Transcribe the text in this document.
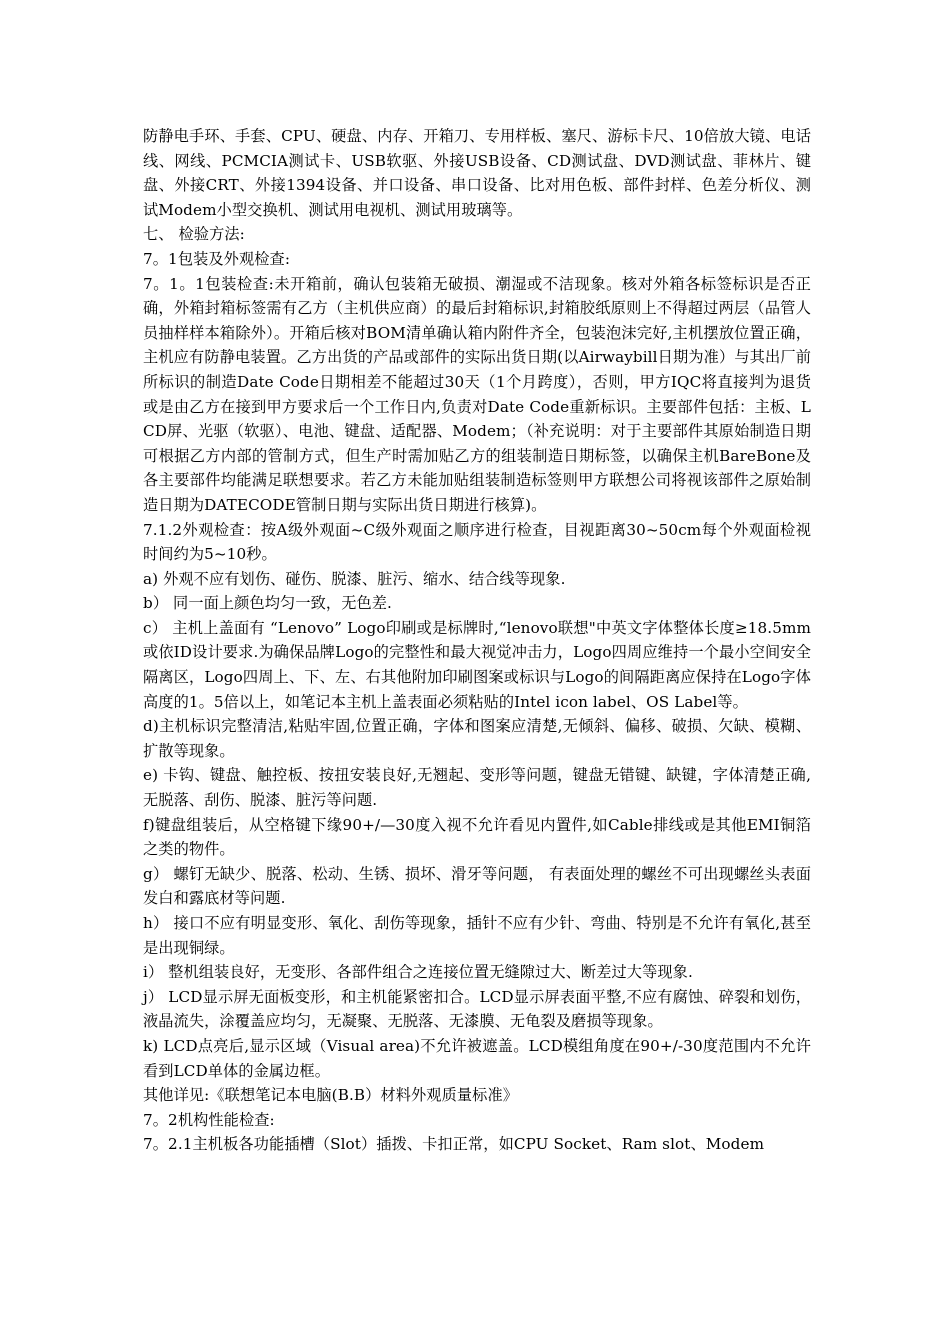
防静电手环、手套、CPU、硬盘、内存、开箱刀、专用样板、塞尺、游标卡尺、10倍放大镜、电话线、网线、PCMCIA测试卡、USB软驱、外接USB设备、CD测试盘、DVD测试盘、菲林片、键盘、外接CRT、外接1394设备、并口设备、串口设备、比对用色板、部件封样、色差分析仪、测试Modem小型交换机、测试用电视机、测试用玻璃等。

七、 检验方法:

7。1包装及外观检查:

7。1。1包装检查:未开箱前，确认包装箱无破损、潮湿或不洁现象。核对外箱各标签标识是否正确，外箱封箱标签需有乙方（主机供应商）的最后封箱标识,封箱胶纸原则上不得超过两层（品管人员抽样样本箱除外）。开箱后核对BOM清单确认箱内附件齐全，包装泡沫完好,主机摆放位置正确，主机应有防静电装置。乙方出货的产品或部件的实际出货日期(以Airwaybill日期为准）与其出厂前所标识的制造Date Code日期相差不能超过30天（1个月跨度），否则，甲方IQC将直接判为退货或是由乙方在接到甲方要求后一个工作日内,负责对Date Code重新标识。主要部件包括：主板、LCD屏、光驱（软驱）、电池、键盘、适配器、Modem；（补充说明：对于主要部件其原始制造日期可根据乙方内部的管制方式，但生产时需加贴乙方的组装制造日期标签，以确保主机BareBone及各主要部件均能满足联想要求。若乙方未能加贴组装制造标签则甲方联想公司将视该部件之原始制造日期为DATECODE管制日期与实际出货日期进行核算)。

7.1.2外观检查：按A级外观面~C级外观面之顺序进行检查，目视距离30~50cm每个外观面检视时间约为5~10秒。

a) 外观不应有划伤、碰伤、脱漆、脏污、缩水、结合线等现象.

b） 同一面上颜色均匀一致，无色差.

c） 主机上盖面有 “Lenovo” Logo印刷或是标牌时,“lenovo联想"中英文字体整体长度≥18.5mm或依ID设计要求.为确保品牌Logo的完整性和最大视觉冲击力，Logo四周应维持一个最小空间安全隔离区，Logo四周上、下、左、右其他附加印刷图案或标识与Logo的间隔距离应保持在Logo字体高度的1。5倍以上，如笔记本主机上盖表面必须粘贴的Intel icon label、OS Label等。

d)主机标识完整清洁,粘贴牢固,位置正确，字体和图案应清楚,无倾斜、偏移、破损、欠缺、模糊、扩散等现象。

e) 卡钩、键盘、触控板、按扭安装良好,无翘起、变形等问题，键盘无错键、缺键，字体清楚正确,无脱落、刮伤、脱漆、脏污等问题.

f)键盘组装后，从空格键下缘90+/—30度入视不允许看见内置件,如Cable排线或是其他EMI铜箔之类的物件。

g） 螺钉无缺少、脱落、松动、生锈、损坏、滑牙等问题， 有表面处理的螺丝不可出现螺丝头表面发白和露底材等问题.

h） 接口不应有明显变形、氧化、刮伤等现象，插针不应有少针、弯曲、特别是不允许有氧化,甚至是出现铜绿。

i） 整机组装良好，无变形、各部件组合之连接位置无缝隙过大、断差过大等现象.

j） LCD显示屏无面板变形，和主机能紧密扣合。LCD显示屏表面平整,不应有腐蚀、碎裂和划伤，液晶流失，涂覆盖应均匀，无凝聚、无脱落、无漆膜、无龟裂及磨损等现象。

k) LCD点亮后,显示区域（Visual area)不允许被遮盖。LCD模组角度在90+/-30度范围内不允许看到LCD单体的金属边框。

其他详见:《联想笔记本电脑(B.B）材料外观质量标准》

7。2机构性能检查:

7。2.1主机板各功能插槽（Slot）插拨、卡扣正常，如CPU Socket、Ram slot、Modem
